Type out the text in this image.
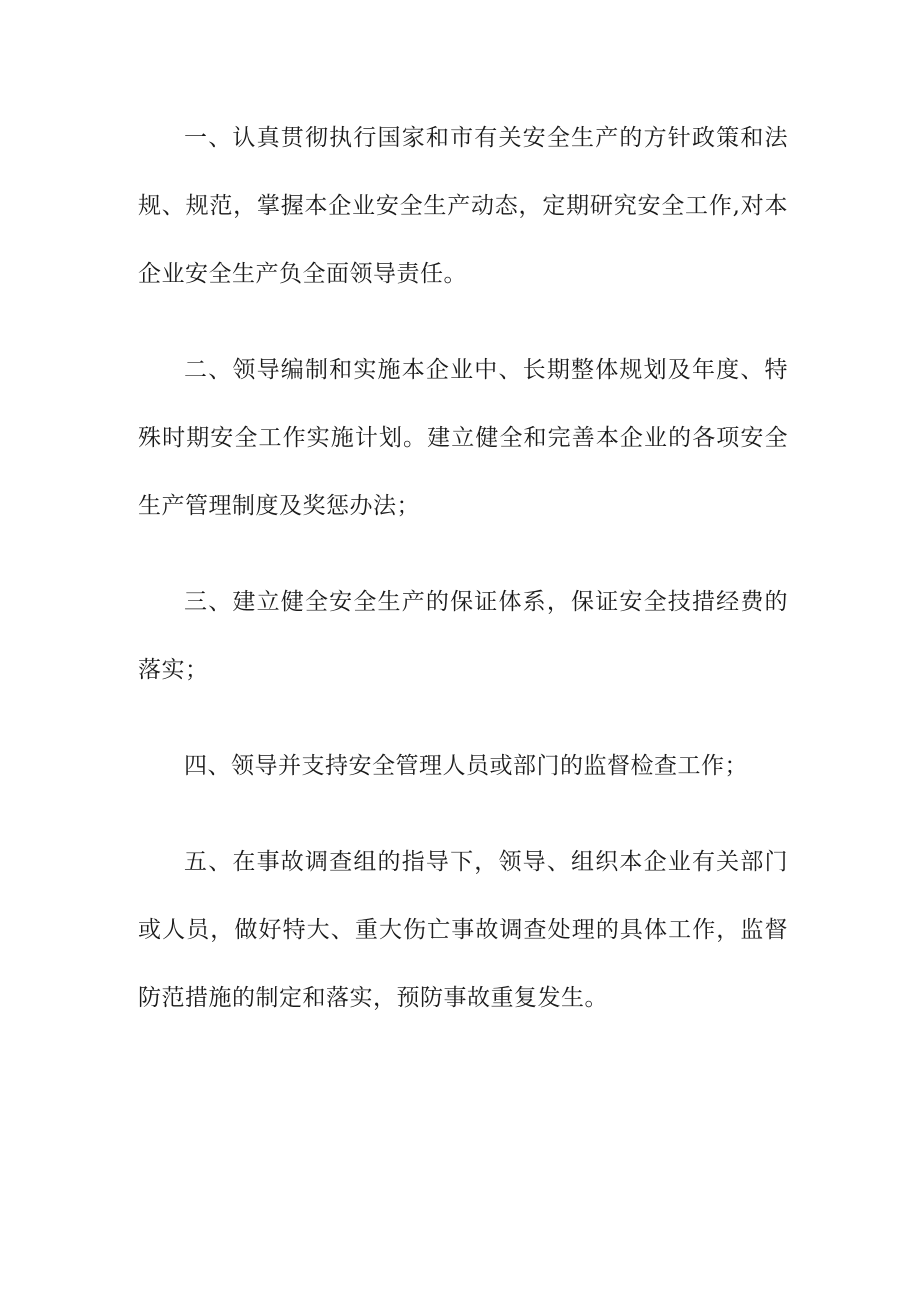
一、认真贯彻执行国家和市有关安全生产的方针政策和法规、规范，掌握本企业安全生产动态，定期研究安全工作,对本企业安全生产负全面领导责任。

二、领导编制和实施本企业中、长期整体规划及年度、特殊时期安全工作实施计划。建立健全和完善本企业的各项安全生产管理制度及奖惩办法；

三、建立健全安全生产的保证体系，保证安全技措经费的落实；

四、领导并支持安全管理人员或部门的监督检查工作；

五、在事故调查组的指导下，领导、组织本企业有关部门或人员，做好特大、重大伤亡事故调查处理的具体工作，监督防范措施的制定和落实，预防事故重复发生。
